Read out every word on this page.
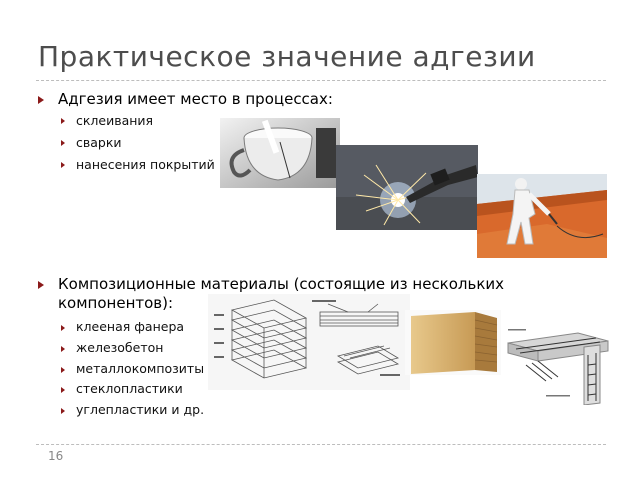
Практическое значение адгезии
Адгезия имеет место в процессах:
склеивания
сварки
нанесения покрытий
Композиционные материалы (состоящие из нескольких компонентов):
клееная фанера
железобетон
металлокомпозиты
стеклопластики
углепластики и др.
16
